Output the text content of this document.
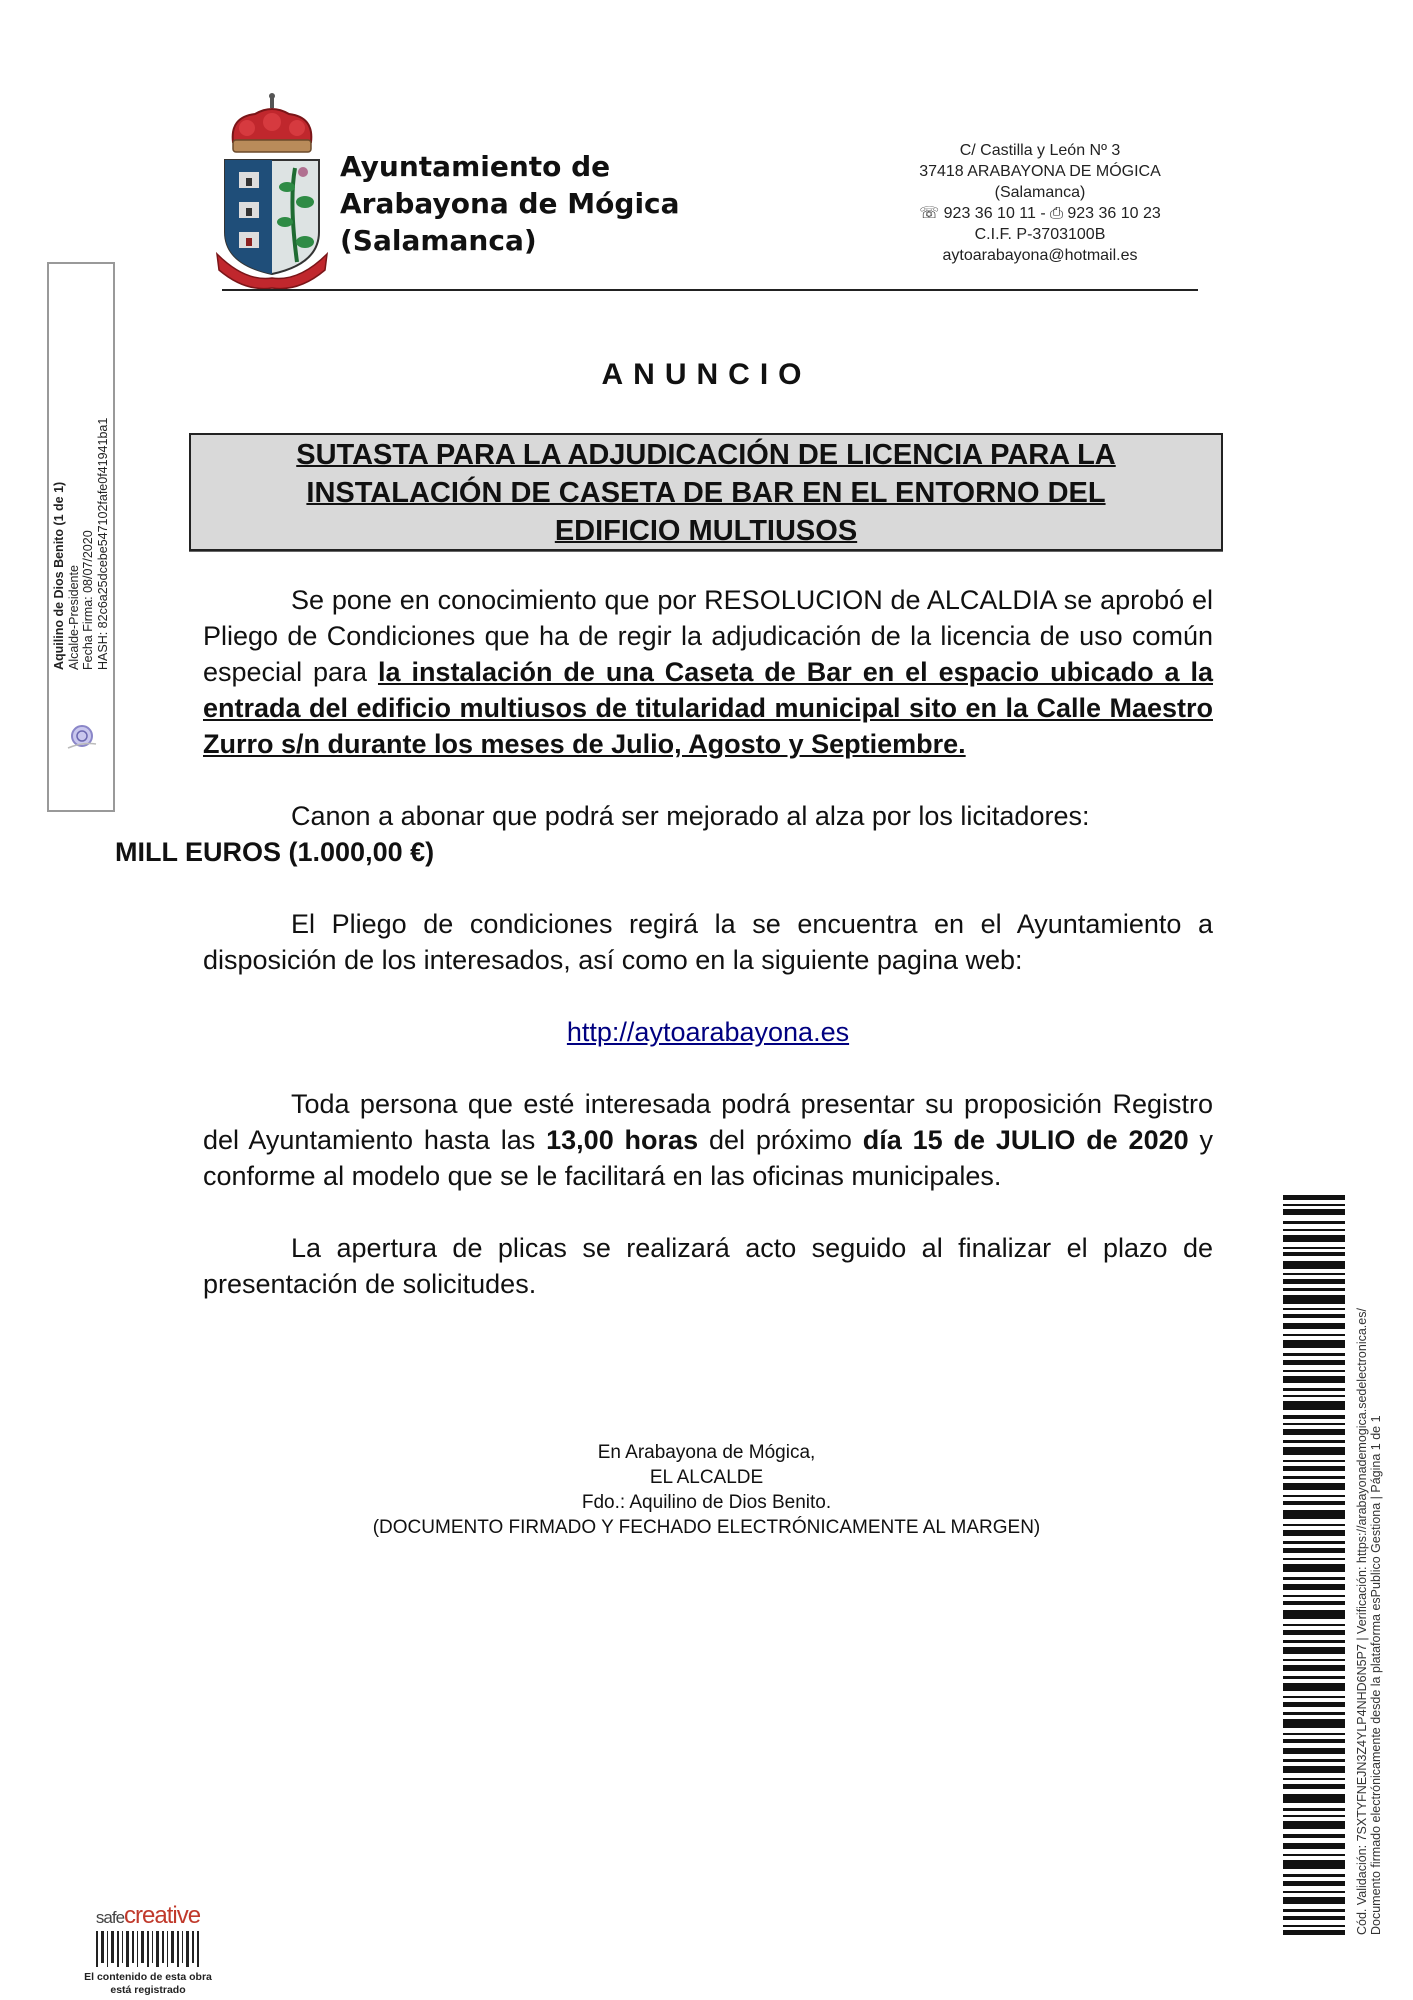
Ayuntamiento de
Arabayona de Mógica
(Salamanca)
C/ Castilla y León Nº 3
37418 ARABAYONA DE MÓGICA
(Salamanca)
☏ 923 36 10 11 - ⎙ 923 36 10 23
C.I.F. P-3703100B
aytoarabayona@hotmail.es
Aquilino de Dios Benito (1 de 1) Alcalde-Presidente Fecha Firma: 08/07/2020 HASH: 82c6a25dcebe547102fafe0f41941ba1
ANUNCIO
SUTASTA PARA LA ADJUDICACIÓN DE LICENCIA PARA LA
INSTALACIÓN DE CASETA DE BAR EN EL ENTORNO DEL
EDIFICIO MULTIUSOS

Se pone en conocimiento que por RESOLUCION de ALCALDIA se aprobó el Pliego de Condiciones que ha de regir la adjudicación de la licencia de uso común especial para la instalación de una Caseta de Bar en el espacio ubicado a la entrada del edificio multiusos de titularidad municipal sito en la Calle Maestro Zurro s/n durante los meses de Julio, Agosto y Septiembre.

Canon a abonar que podrá ser mejorado al alza por los licitadores:
MILL EUROS (1.000,00 €)

El Pliego de condiciones regirá la se encuentra en el Ayuntamiento a disposición de los interesados, así como en la siguiente pagina web:

http://aytoarabayona.es

Toda persona que esté interesada podrá presentar su proposición Registro del Ayuntamiento hasta las 13,00 horas del próximo día 15 de JULIO de 2020 y conforme al modelo que se le facilitará en las oficinas municipales.

La apertura de plicas se realizará acto seguido al finalizar el plazo de presentación de solicitudes.

En Arabayona de Mógica,
EL ALCALDE
Fdo.: Aquilino de Dios Benito.
(DOCUMENTO FIRMADO Y FECHADO ELECTRÓNICAMENTE AL MARGEN)	Cód. Validación: 7SXTYFNEJN3Z4YLP4NHD6N5P7 | Verificación: https://arabayonademogica.sedelectronica.es/ Documento firmado electrónicamente desde la plataforma esPublico Gestiona | Página 1 de 1
safecreative
El contenido de esta obra
está registrado
